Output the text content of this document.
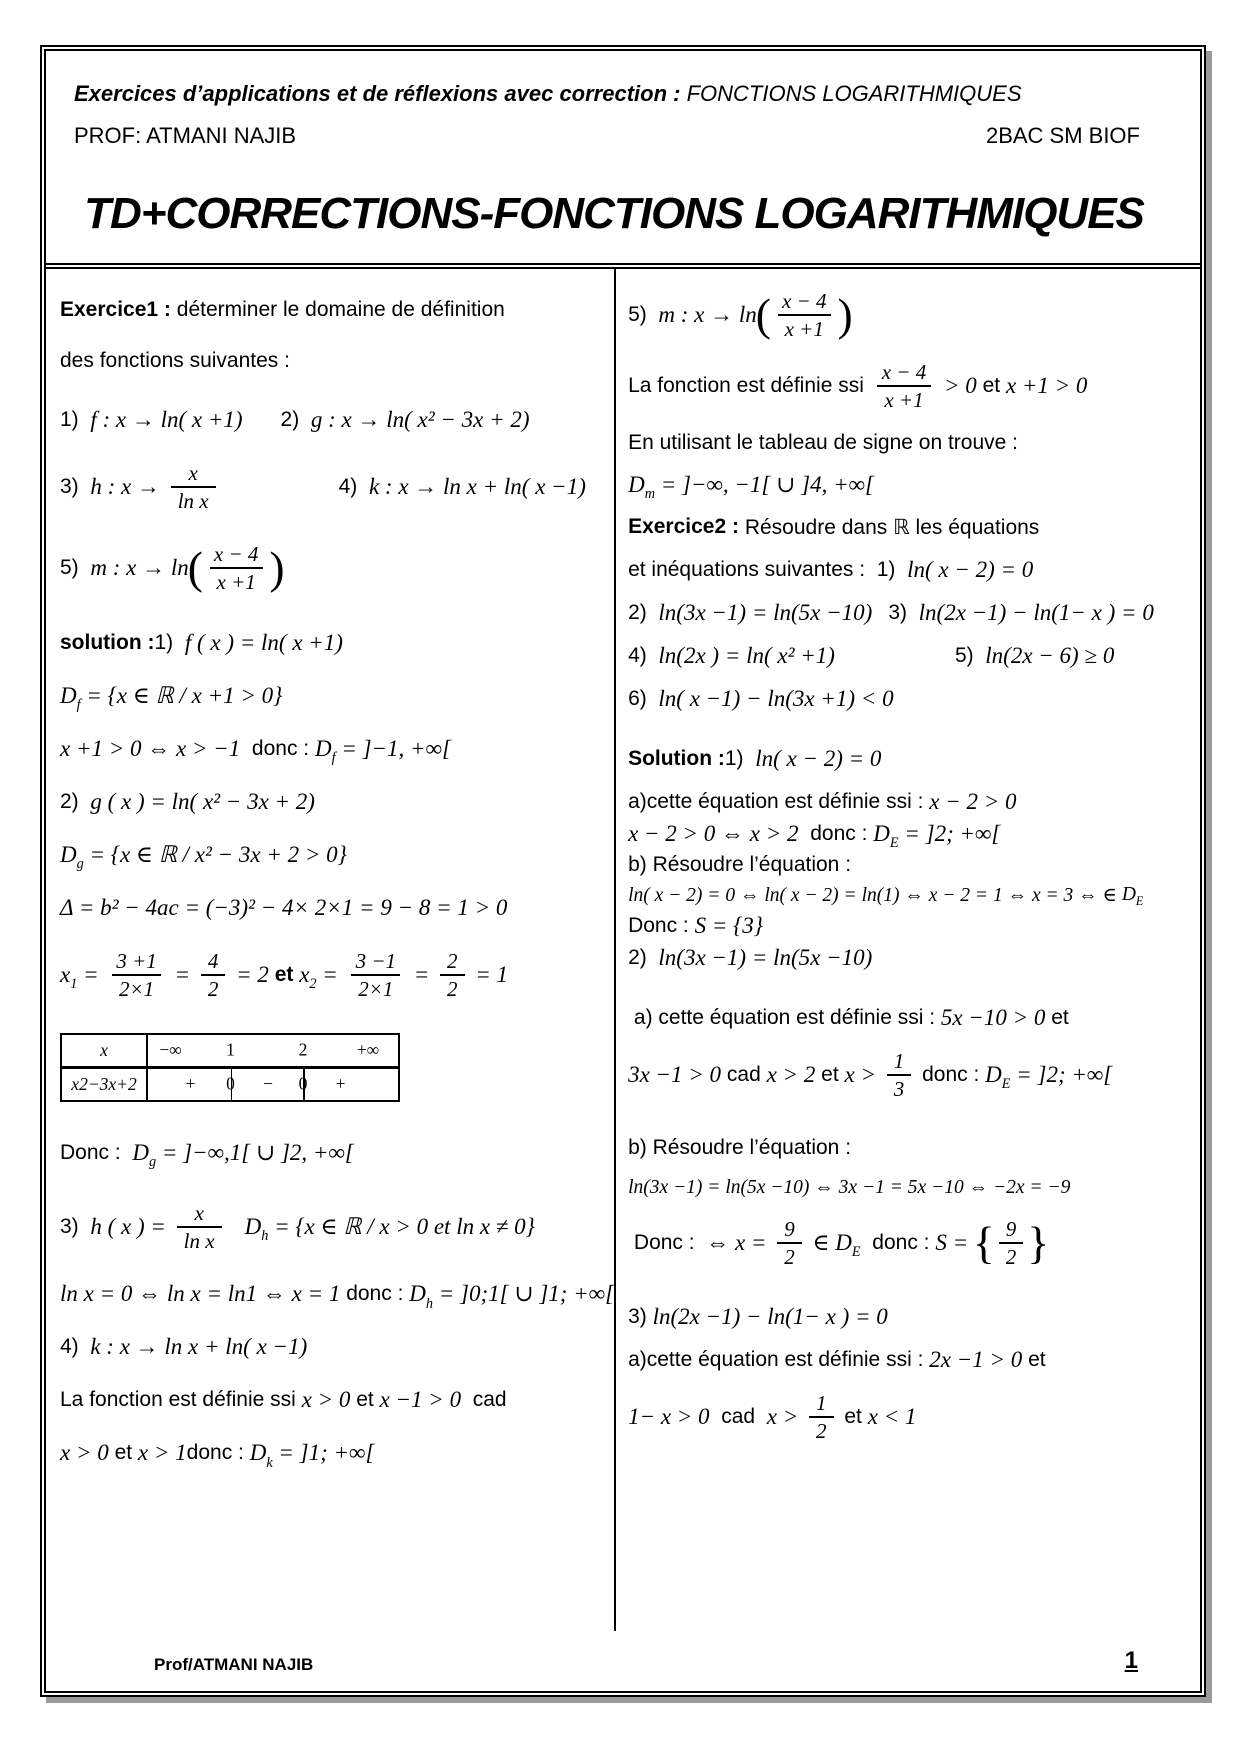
Exercices d’applications et de réflexions avec correction : FONCTIONS LOGARITHMIQUES
PROF: ATMANI NAJIB	2BAC SM BIOF
TD+CORRECTIONS-FONCTIONS LOGARITHMIQUES
Exercice1 : déterminer le domaine de définition
des fonctions suivantes :
1) f : x → ln( x +1) 2) g : x → ln( x² − 3x + 2)
3) h : $x \to \frac{x}{\text{ln x}}$	4) k : x → ln x + ln( x −1)
5) m : x → ln ( $\frac{x - 4}{x +1}$ )
solution : 1) f ( x ) = ln( x +1)
$D_f = \{x$ ∈ ℝ / x +1 > 0}
x +1 > 0 ⇔ x > −1 donc : $D_f = ]-1$, +∞[
2) g ( x ) = ln( x² − 3x + 2)
$D_g = \{x$ ∈ ℝ / x² − 3x + 2 > 0}
Δ = b² − 4ac = (−3)² − 4× 2×1 = 9 − 8 = 1 > 0
$x_1 = \frac{3 +1}{2\times 1} = \frac{4}{2} = 2$ et $x_2 = \frac{3 -1}{2\times 1} = \frac{2}{2} = 1$
x	−∞	1	2	+∞
x2−3x+2	+ 0 − 0 +
Donc : $D_g = ]-\infty,1$[ ∪ ]2, +∞[
3) h ( x ) = $\frac{x}{\text{ln x}} D_h = \{x$ ∈ ℝ / x > 0 et ln x ≠ 0}
ln x = 0 ⇔ ln x = ln1 ⇔ x = 1 donc : $D_h$ = ]0;1[ ∪ ]1; +∞[
4) k : x → ln x + ln( x −1)
La fonction est définie ssi x > 0 et x −1 > 0 cad
x > 0 et x > 1 donc : $D_k = ]1$; +∞[
5) m : x → ln ( $\frac{x - 4}{x +1}$ )
La fonction est définie ssi $\frac{x - 4}{x +1} > 0$ et x +1 > 0
En utilisant le tableau de signe on trouve :
$D_m$ = ]−∞, −1[ ∪ ]4, +∞[
Exercice2 : Résoudre dans ℝ les équations
et inéquations suivantes :  1) ln( x − 2) = 0
2) ln(3x −1) = ln(5x −10) 3) ln(2x −1) − ln(1− x ) = 0
4) ln(2x ) = ln( x² +1)	5) ln(2x − 6) ≥ 0
6) ln( x −1) − ln(3x +1) < 0
Solution : 1) ln( x − 2) = 0
a)cette équation est définie ssi : x − 2 > 0
x − 2 > 0 ⇔ x > 2 donc : $D_E = ]2$; +∞[
b) Résoudre l’équation :
ln( x − 2) = 0 ⇔ ln( x − 2) = ln(1) ⇔ x − 2 = 1 ⇔ x = 3 ⇔ ∈ $D_E$
Donc : S = {3}
2) ln(3x −1) = ln(5x −10)
a) cette équation est définie ssi : 5x −10 > 0 et
3x −1 > 0 cad x > 2 et $x > \frac{1}{3}$ donc : $D_E = ]2$; +∞[
b) Résoudre l’équation :
ln(3x −1) = ln(5x −10) ⇔ 3x −1 = 5x −10 ⇔ −2x = −9
Donc : ⇔ $x = \frac{9}{2}$ ∈ $D_E$ donc : S = { $\frac{9}{2}$ }
3) ln(2x −1) − ln(1− x ) = 0
a)cette équation est définie ssi : 2x −1 > 0 et
1− x > 0 cad $x > \frac{1}{2}$ et x < 1
Prof/ATMANI NAJIB	1
